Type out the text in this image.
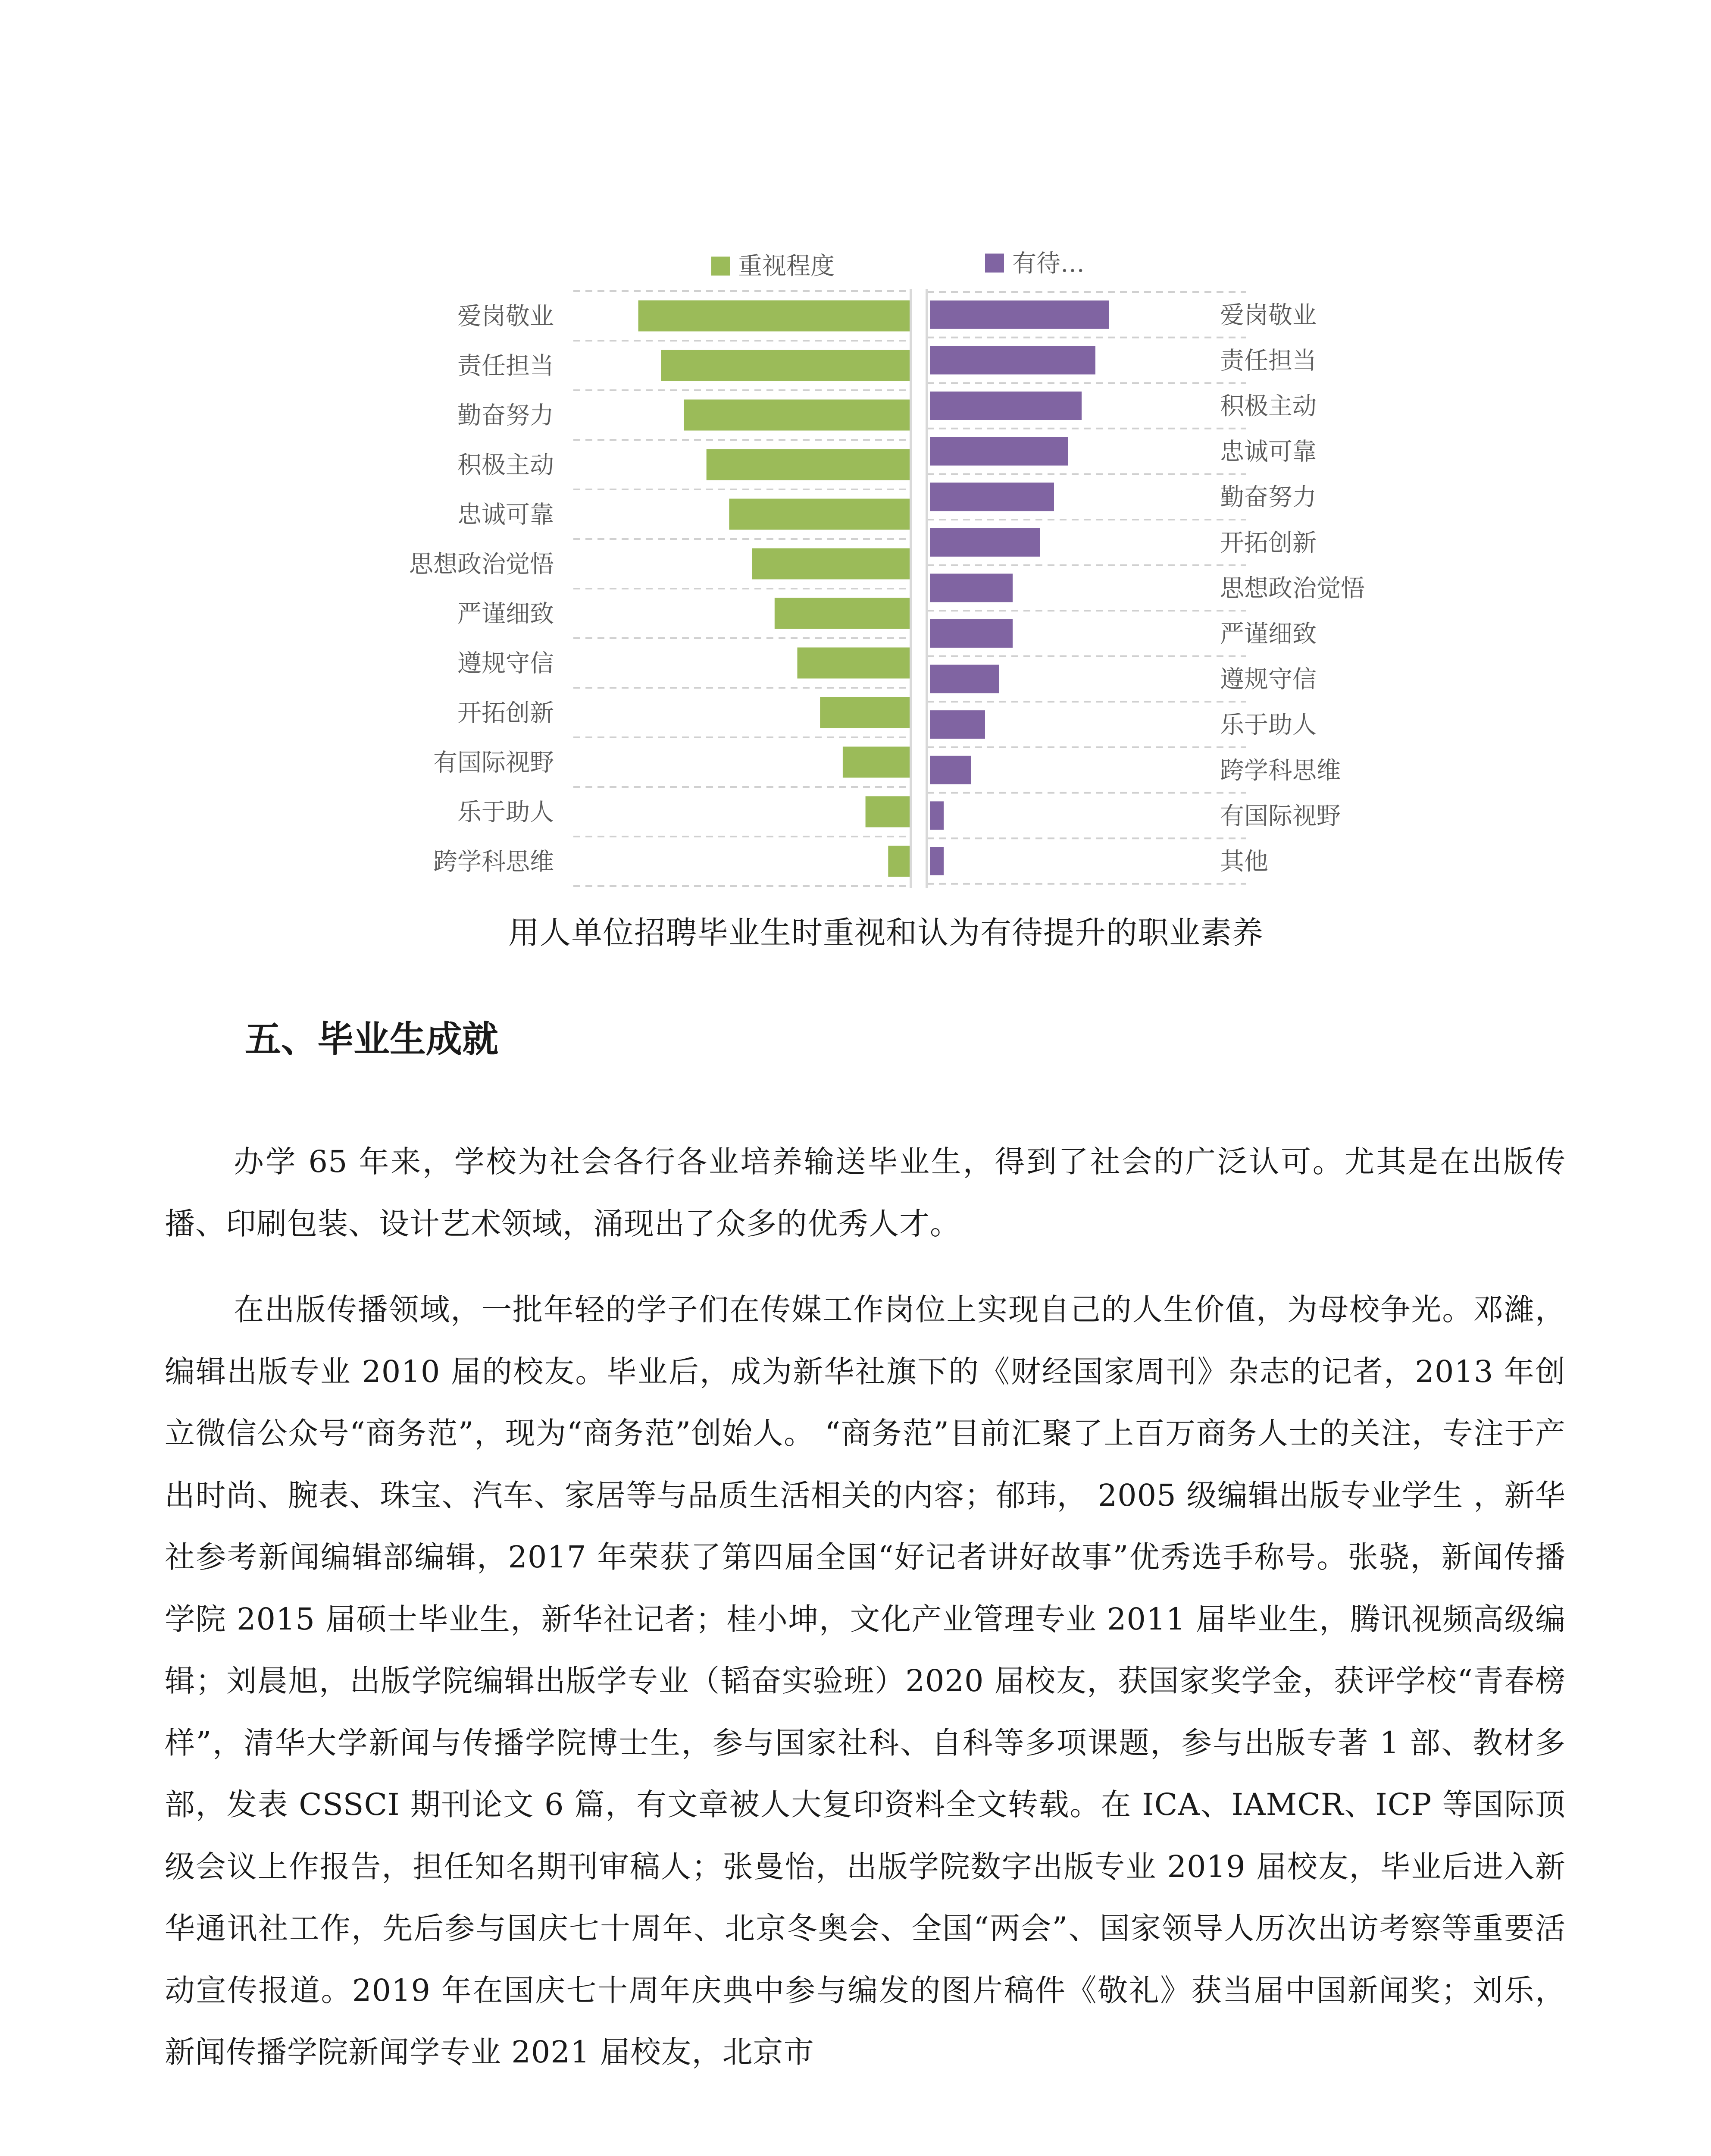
爱岗敬业
责任担当
勤奋努力
积极主动
忠诚可靠
思想政治觉悟
严谨细致
遵规守信
开拓创新
有国际视野
乐于助人
跨学科思维
爱岗敬业
责任担当
积极主动
忠诚可靠
勤奋努力
开拓创新
思想政治觉悟
严谨细致
遵规守信
乐于助人
跨学科思维
有国际视野
其他
重视程度	有待…
用人单位招聘毕业生时重视和认为有待提升的职业素养
五、毕业生成就

办学 65 年来，学校为社会各行各业培养输送毕业生，得到了社会的广泛认可。尤其是在出版传播、印刷包装、设计艺术领域，涌现出了众多的优秀人才。

在出版传播领域，一批年轻的学子们在传媒工作岗位上实现自己的人生价值，为母校争光。邓濰，编辑出版专业 2010 届的校友。毕业后，成为新华社旗下的《财经国家周刊》杂志的记者，2013 年创立微信公众号“商务范”，现为“商务范”创始人。 “商务范”目前汇聚了上百万商务人士的关注，专注于产出时尚、腕表、珠宝、汽车、家居等与品质生活相关的内容；郁玮， 2005 级编辑出版专业学生 ，新华社参考新闻编辑部编辑，2017 年荣获了第四届全国“好记者讲好故事”优秀选手称号。张骁，新闻传播学院 2015 届硕士毕业生，新华社记者；桂小坤，文化产业管理专业 2011 届毕业生，腾讯视频高级编辑；刘晨旭，出版学院编辑出版学专业（韬奋实验班）2020 届校友，获国家奖学金，获评学校“青春榜样”，清华大学新闻与传播学院博士生，参与国家社科、自科等多项课题，参与出版专著 1 部、教材多部，发表 CSSCI 期刊论文 6 篇，有文章被人大复印资料全文转载。在 ICA、IAMCR、ICP 等国际顶级会议上作报告，担任知名期刊审稿人；张曼怡，出版学院数字出版专业 2019 届校友，毕业后进入新华通讯社工作，先后参与国庆七十周年、北京冬奥会、全国“两会”、国家领导人历次出访考察等重要活动宣传报道。2019 年在国庆七十周年庆典中参与编发的图片稿件《敬礼》获当届中国新闻奖；刘乐，新闻传播学院新闻学专业 2021 届校友，北京市
